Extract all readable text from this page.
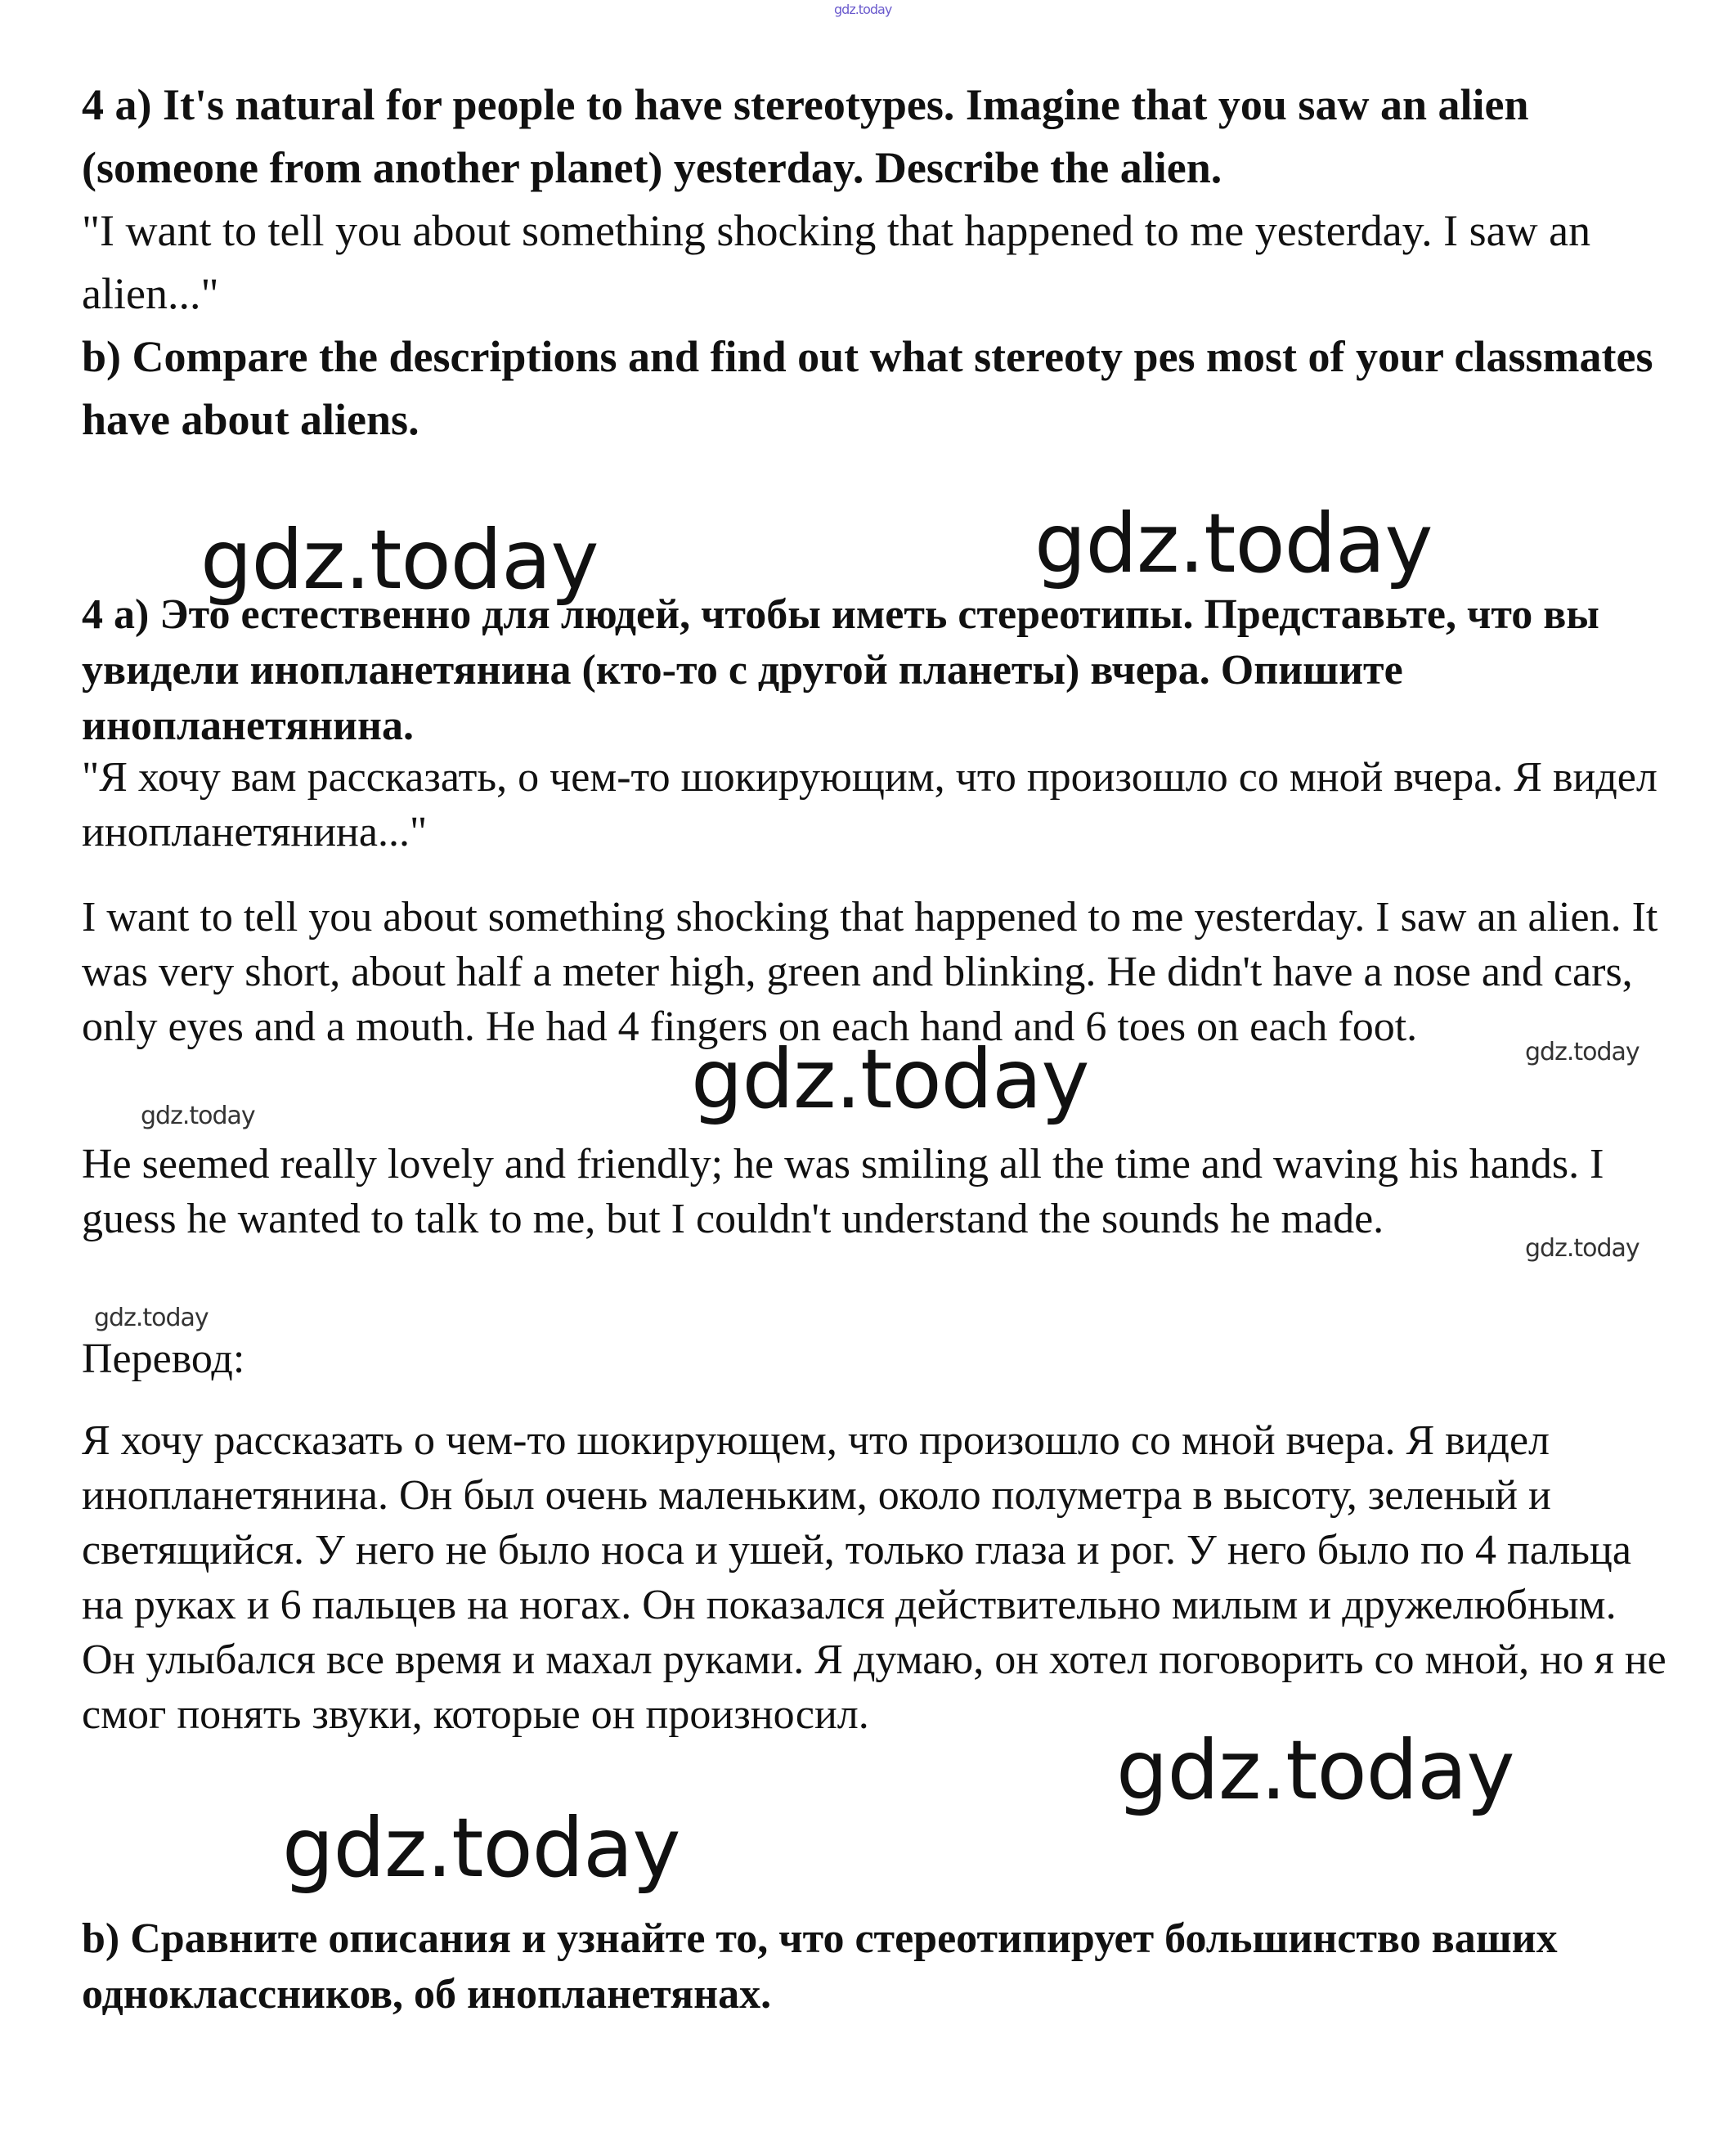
gdz.today

4 a) It's natural for people to have stereotypes. Imagine that you saw an alien (someone from another planet) yesterday. Describe the alien.

"I want to tell you about something shocking that happened to me yesterday. I saw an alien..."

b) Compare the descriptions and find out what stereoty pes most of your classmates have about aliens.

gdz.today	gdz.today

4 а) Это естественно для людей, чтобы иметь стереотипы. Представьте, что вы увидели инопланетянина (кто-то с другой планеты) вчера. Опишите инопланетянина.

"Я хочу вам рассказать, о чем-то шокирующим, что произошло со мной вчера. Я видел инопланетянина..."

I want to tell you about something shocking that happened to me yesterday. I saw an alien. It was very short, about half a meter high, green and blinking. He didn't have a nose and cars, only eyes and a mouth. He had 4 fingers on each hand and 6 toes on each foot.

gdz.today	gdz.today
gdz.today

He seemed really lovely and friendly; he was smiling all the time and waving his hands. I guess he wanted to talk to me, but I couldn't understand the sounds he made.

gdz.today
gdz.today

Перевод:

Я хочу рассказать о чем-то шокирующем, что произошло со мной вчера. Я видел инопланетянина. Он был очень маленьким, около полуметра в высоту, зеленый и светящийся. У него не было носа и ушей, только глаза и рог. У него было по 4 пальца на руках и 6 пальцев на ногах. Он показался действительно милым и дружелюбным. Он улыбался все время и махал руками. Я думаю, он хотел поговорить со мной, но я не смог понять звуки, которые он произносил.

gdz.today
gdz.today

b) Сравните описания и узнайте то, что стереотипирует большинство ваших одноклассников, об инопланетянах.
